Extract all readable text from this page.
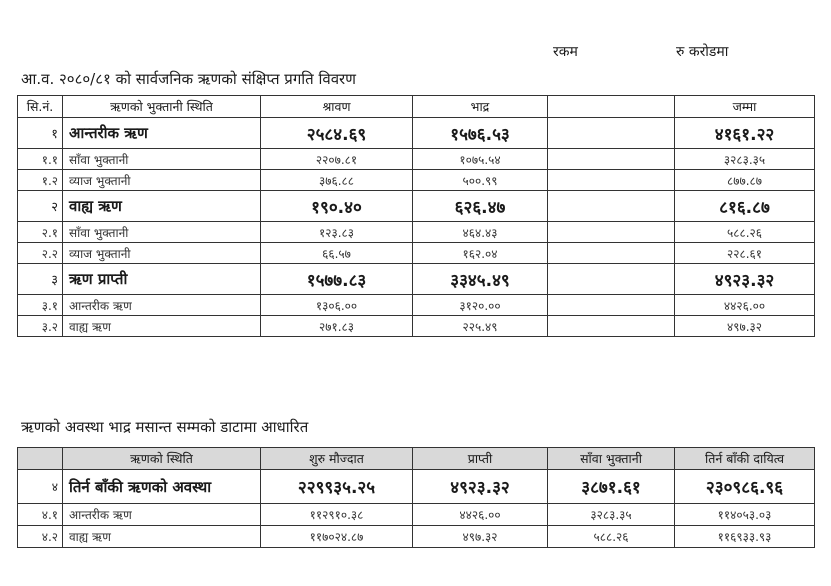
रकम	रु करोडमा
आ.व. २०८०/८१ को सार्वजनिक ऋणको संक्षिप्त प्रगति विवरण
सि.नं.	ऋणको भुक्तानी स्थिति	श्रावण	भाद्र		जम्मा
१	आन्तरीक ऋण	२५८४.६९	१५७६.५३		४१६१.२२
१.१	साँवा भुक्तानी	२२०७.८१	१०७५.५४		३२८३.३५
१.२	व्याज भुक्तानी	३७६.८८	५००.९९		८७७.८७
२	वाह्य ऋण	१९०.४०	६२६.४७		८१६.८७
२.१	साँवा भुक्तानी	१२३.८३	४६४.४३		५८८.२६
२.२	व्याज भुक्तानी	६६.५७	१६२.०४		२२८.६१
३	ऋण प्राप्ती	१५७७.८३	३३४५.४९		४९२३.३२
३.१	आन्तरीक ऋण	१३०६.००	३१२०.००		४४२६.००
३.२	वाह्य ऋण	२७१.८३	२२५.४९		४९७.३२
ऋणको अवस्था भाद्र मसान्त सम्मको डाटामा आधारित
	ऋणको स्थिति	शुरु मौज्दात	प्राप्ती	साँवा भुक्तानी	तिर्न बाँकी दायित्व
४	तिर्न बाँकी ऋणको अवस्था	२२९९३५.२५	४९२३.३२	३८७१.६१	२३०९८६.९६
४.१	आन्तरीक ऋण	११२९१०.३८	४४२६.००	३२८३.३५	११४०५३.०३
४.२	वाह्य ऋण	११७०२४.८७	४९७.३२	५८८.२६	११६९३३.९३
